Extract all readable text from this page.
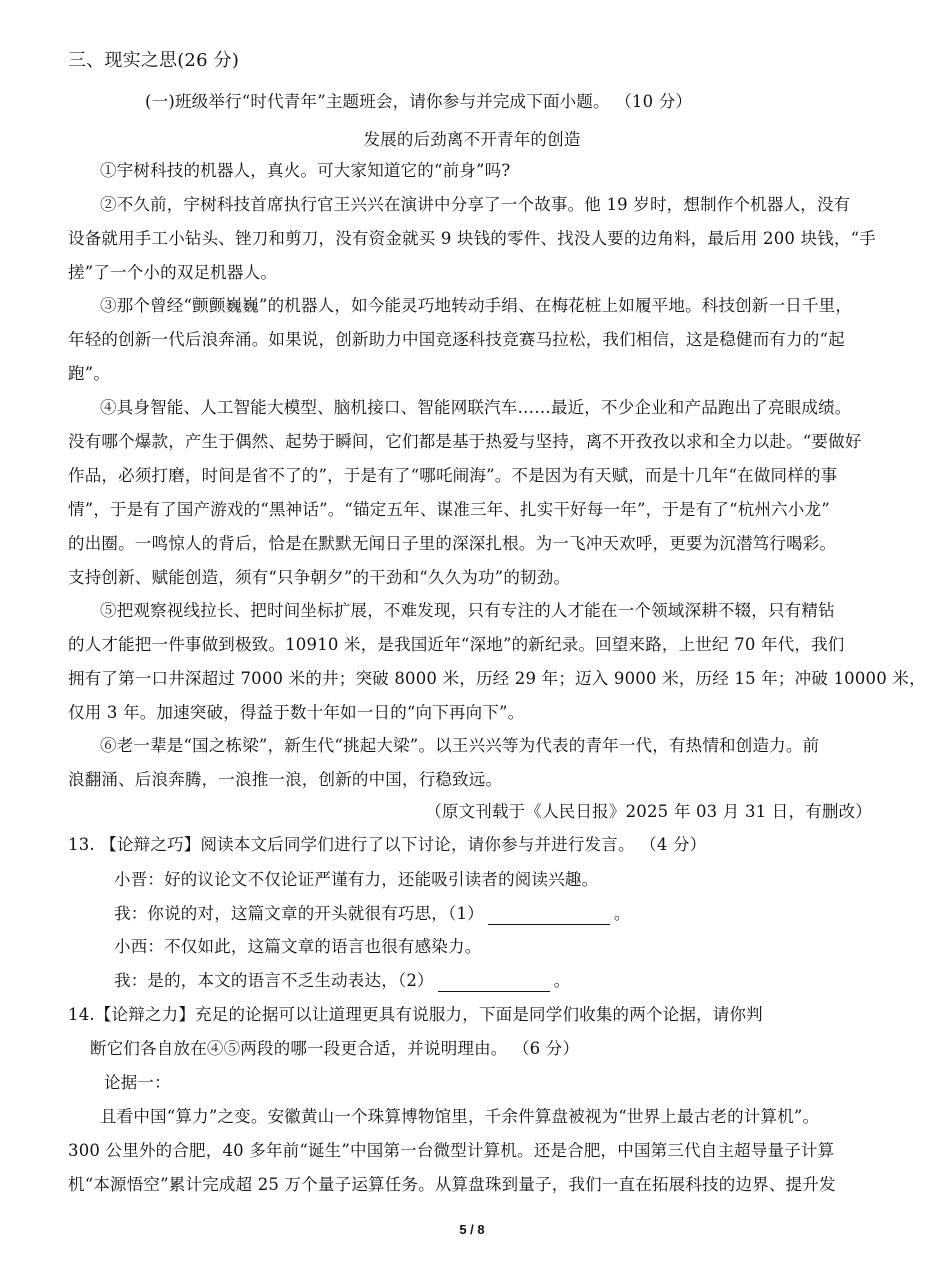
三、现实之思(26 分)
(一)班级举行“时代青年”主题班会，请你参与并完成下面小题。 （10 分）
发展的后劲离不开青年的创造
①宇树科技的机器人，真火。可大家知道它的“前身”吗?
②不久前，宇树科技首席执行官王兴兴在演讲中分享了一个故事。他 19 岁时，想制作个机器人，没有
设备就用手工小钻头、锉刀和剪刀，没有资金就买 9 块钱的零件、找没人要的边角料，最后用 200 块钱，“手
搓”了一个小的双足机器人。
③那个曾经“颤颤巍巍”的机器人，如今能灵巧地转动手绢、在梅花桩上如履平地。科技创新一日千里，
年轻的创新一代后浪奔涌。如果说，创新助力中国竞逐科技竞赛马拉松，我们相信，这是稳健而有力的“起
跑”。
④具身智能、人工智能大模型、脑机接口、智能网联汽车……最近，不少企业和产品跑出了亮眼成绩。
没有哪个爆款，产生于偶然、起势于瞬间，它们都是基于热爱与坚持，离不开孜孜以求和全力以赴。“要做好
作品，必须打磨，时间是省不了的”，于是有了“哪吒闹海”。不是因为有天赋，而是十几年“在做同样的事
情”，于是有了国产游戏的“黑神话”。“锚定五年、谋准三年、扎实干好每一年”，于是有了“杭州六小龙”
的出圈。一鸣惊人的背后，恰是在默默无闻日子里的深深扎根。为一飞冲天欢呼，更要为沉潜笃行喝彩。
支持创新、赋能创造，须有“只争朝夕”的干劲和“久久为功”的韧劲。
⑤把观察视线拉长、把时间坐标扩展，不难发现，只有专注的人才能在一个领域深耕不辍，只有精钻
的人才能把一件事做到极致。10910 米，是我国近年“深地”的新纪录。回望来路，上世纪 70 年代，我们
拥有了第一口井深超过 7000 米的井；突破 8000 米，历经 29 年；迈入 9000 米，历经 15 年；冲破 10000 米，
仅用 3 年。加速突破，得益于数十年如一日的“向下再向下”。
⑥老一辈是“国之栋梁”，新生代“挑起大梁”。以王兴兴等为代表的青年一代，有热情和创造力。前
浪翻涌、后浪奔腾，一浪推一浪，创新的中国，行稳致远。
（原文刊载于《人民日报》2025 年 03 月 31 日，有删改）
13. 【论辩之巧】阅读本文后同学们进行了以下讨论，请你参与并进行发言。 （4 分）
小晋：好的议论文不仅论证严谨有力，还能吸引读者的阅读兴趣。
我：你说的对，这篇文章的开头就很有巧思，（1）	。
小西：不仅如此，这篇文章的语言也很有感染力。
我：是的，本文的语言不乏生动表达，（2）	。
14.【论辩之力】充足的论据可以让道理更具有说服力，下面是同学们收集的两个论据，请你判
断它们各自放在④⑤两段的哪一段更合适，并说明理由。 （6 分）
论据一：
且看中国“算力”之变。安徽黄山一个珠算博物馆里，千余件算盘被视为“世界上最古老的计算机”。
300 公里外的合肥，40 多年前“诞生”中国第一台微型计算机。还是合肥，中国第三代自主超导量子计算
机“本源悟空”累计完成超 25 万个量子运算任务。从算盘珠到量子，我们一直在拓展科技的边界、提升发
5 / 8
